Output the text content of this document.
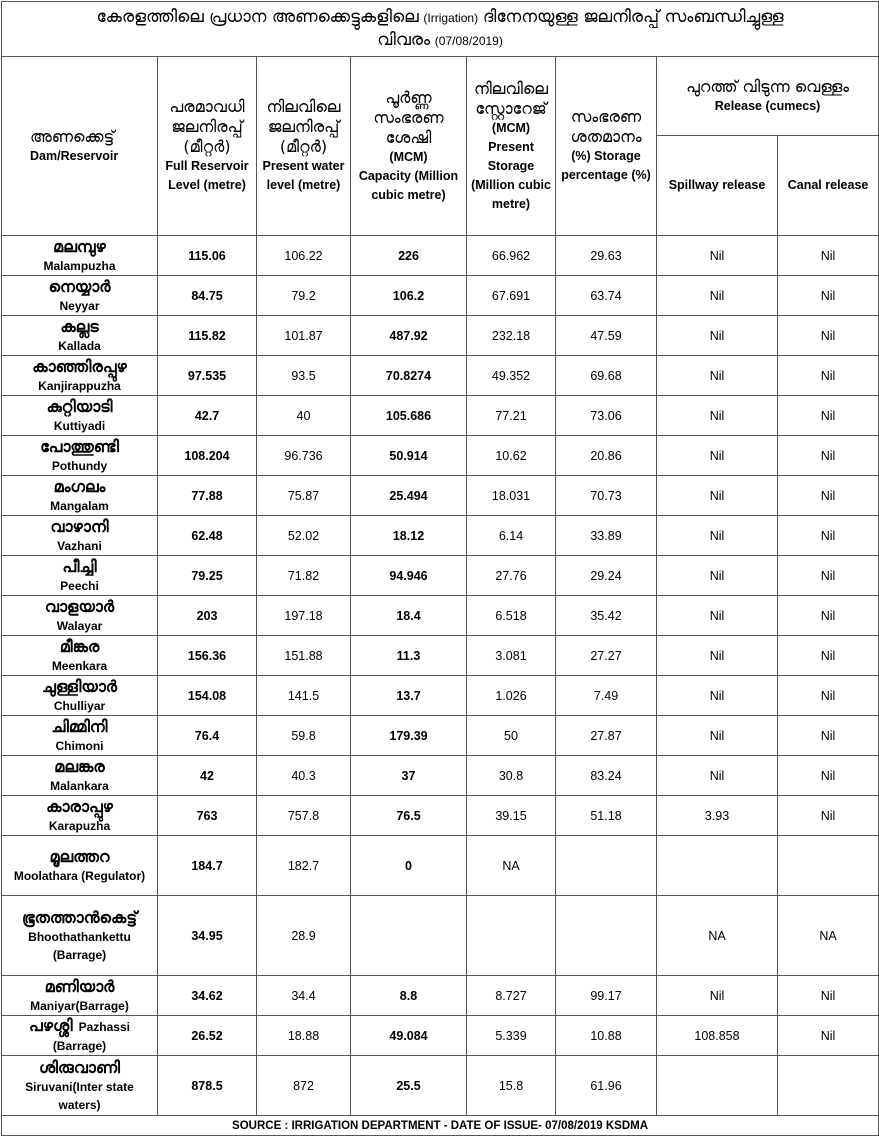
കേരളത്തിലെ പ്രധാന അണക്കെട്ടുകളിലെ (Irrigation) ദിനേനയുള്ള ജലനിരപ്പ് സംബന്ധിച്ചുള്ള
വിവരം (07/08/2019)							

അണക്കെട്ട്
Dam/Reservoir	പരമാവധി ജലനിരപ്പ് (മീറ്റർ)
Full Reservoir Level (metre)	നിലവിലെ ജലനിരപ്പ് (മീറ്റർ)
Present water level (metre)	പൂർണ്ണ സംഭരണ ശേഷി
(MCM)
Capacity (Million cubic metre)	നിലവിലെ സ്റ്റോറേജ്
(MCM)
Present Storage (Million cubic metre)	സംഭരണ ശതമാനം
(%) Storage percentage (%)	പുറത്ത് വിടുന്ന വെള്ളം
Release (cumecs)	

						Spillway release	Canal release

മലമ്പുഴ
Malampuzha	115.06	106.22	226	66.962	29.63	Nil	Nil

നെയ്യാർ
Neyyar	84.75	79.2	106.2	67.691	63.74	Nil	Nil

കല്ലട
Kallada	115.82	101.87	487.92	232.18	47.59	Nil	Nil

കാഞ്ഞിരപ്പുഴ
Kanjirappuzha	97.535	93.5	70.8274	49.352	69.68	Nil	Nil

കുറ്റിയാടി
Kuttiyadi	42.7	40	105.686	77.21	73.06	Nil	Nil

പോത്തുണ്ടി
Pothundy	108.204	96.736	50.914	10.62	20.86	Nil	Nil

മംഗലം
Mangalam	77.88	75.87	25.494	18.031	70.73	Nil	Nil

വാഴാനി
Vazhani	62.48	52.02	18.12	6.14	33.89	Nil	Nil

പീച്ചി
Peechi	79.25	71.82	94.946	27.76	29.24	Nil	Nil

വാളയാർ
Walayar	203	197.18	18.4	6.518	35.42	Nil	Nil

മീങ്കര
Meenkara	156.36	151.88	11.3	3.081	27.27	Nil	Nil

ചുള്ളിയാർ
Chulliyar	154.08	141.5	13.7	1.026	7.49	Nil	Nil

ചിമ്മിനി
Chimoni	76.4	59.8	179.39	50	27.87	Nil	Nil

മലങ്കര
Malankara	42	40.3	37	30.8	83.24	Nil	Nil

കാരാപ്പുഴ
Karapuzha	763	757.8	76.5	39.15	51.18	3.93	Nil

മൂലത്തറ
Moolathara (Regulator)	184.7	182.7	0	NA			

ഭൂതത്താൻകെട്ട്
Bhoothathankettu (Barrage)	34.95	28.9				NA	NA

മണിയാർ
Maniyar(Barrage)	34.62	34.4	8.8	8.727	99.17	Nil	Nil

പഴശ്ശി Pazhassi
(Barrage)	26.52	18.88	49.084	5.339	10.88	108.858	Nil

ശിരുവാണി
Siruvani(Inter state waters)	878.5	872	25.5	15.8	61.96		
SOURCE : IRRIGATION DEPARTMENT - DATE OF ISSUE- 07/08/2019 KSDMA							
